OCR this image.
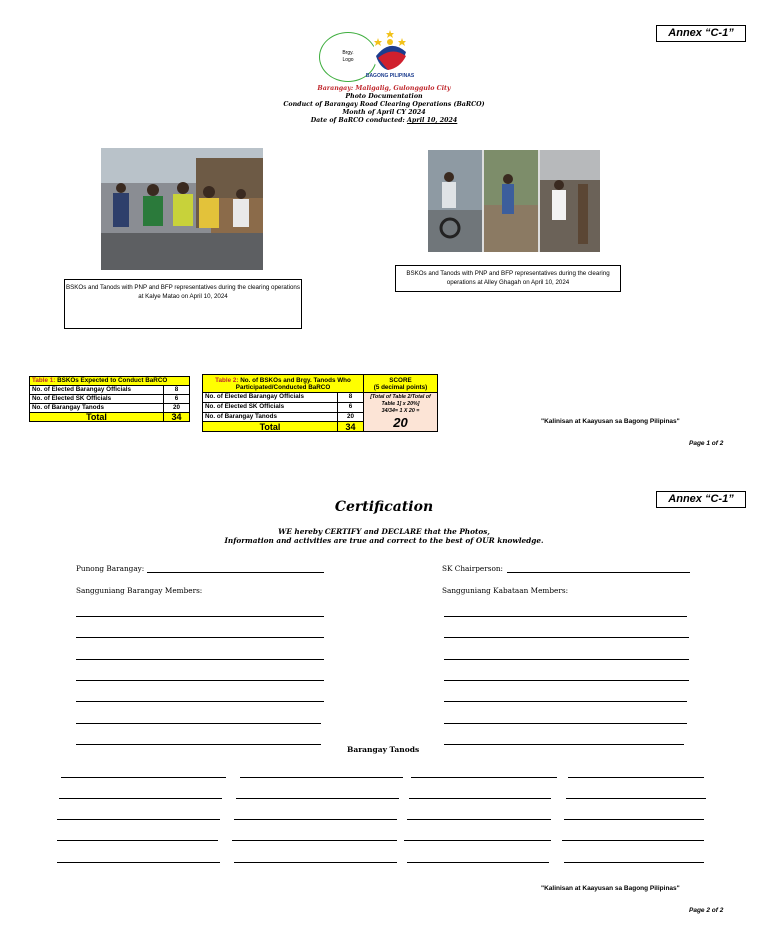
Annex “C-1”
Brgy.
Logo
BAGONG PILIPINAS
Barangay: Maligalig, Gulonggulo City
Photo Documentation
Conduct of Barangay Road Clearing Operations (BaRCO)
Month of April CY 2024
Date of BaRCO conducted: April 10, 2024
BSKOs and Tanods with PNP and BFP representatives during the clearing operations at Kalye Matao on April 10, 2024
BSKOs and Tanods with PNP and BFP representatives during the clearing operations at Alley Ghagah on April 10, 2024
Table 1: BSKOs Expected to Conduct BaRCO	
No. of Elected Barangay Officials	8
No. of Elected SK Officials	6
No. of Barangay Tanods	20
Total	34
Table 2: No. of BSKOs and Brgy. Tanods Who Participated/Conducted BaRCO		SCORE
(5 decimal points)

No. of Elected Barangay Officials	8	[Total of Table 2/Total of Table 1] x 20%]
34/34= 1 X 20 =
20

No. of Elected SK Officials	6	
No. of Barangay Tanods	20	
Total	34	
"Kalinisan at Kaayusan sa Bagong Pilipinas"
Page 1 of 2
Annex “C-1”
Certification
WE hereby CERTIFY and DECLARE that the Photos,
Information and activities are true and correct to the best of OUR knowledge.
Punong Barangay:	SK Chairperson:
Sangguniang Barangay Members:	Sangguniang Kabataan Members:
Barangay Tanods
"Kalinisan at Kaayusan sa Bagong Pilipinas"
Page 2 of 2
